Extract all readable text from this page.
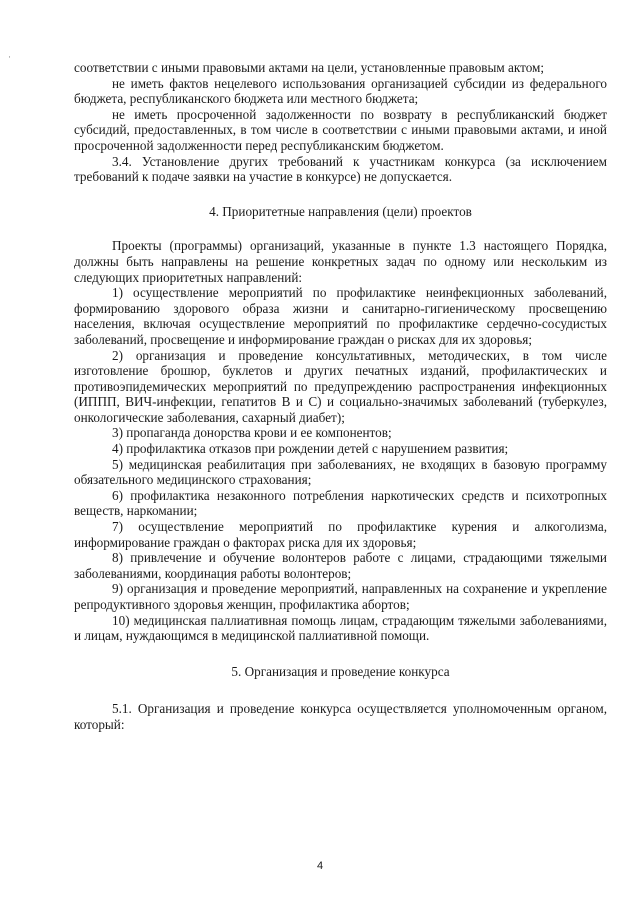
·

соответствии с иными правовыми актами на цели, установленные правовым актом;

не иметь фактов нецелевого использования организацией субсидии из федерального бюджета, республиканского бюджета или местного бюджета;

не иметь просроченной задолженности по возврату в республиканский бюджет субсидий, предоставленных, в том числе в соответствии с иными правовыми актами, и иной просроченной задолженности перед республиканским бюджетом.

3.4. Установление других требований к участникам конкурса (за исключением требований к подаче заявки на участие в конкурсе) не допускается.

4. Приоритетные направления (цели) проектов

Проекты (программы) организаций, указанные в пункте 1.3 настоящего Порядка, должны быть направлены на решение конкретных задач по одному или нескольким из следующих приоритетных направлений:

1) осуществление мероприятий по профилактике неинфекционных заболеваний, формированию здорового образа жизни и санитарно-гигиеническому просвещению населения, включая осуществление мероприятий по профилактике сердечно-сосудистых заболеваний, просвещение и информирование граждан о рисках для их здоровья;

2) организация и проведение консультативных, методических, в том числе изготовление брошюр, буклетов и других печатных изданий, профилактических и противоэпидемических мероприятий по предупреждению распространения инфекционных (ИППП, ВИЧ-инфекции, гепатитов В и С) и социально-значимых заболеваний (туберкулез, онкологические заболевания, сахарный диабет);

3) пропаганда донорства крови и ее компонентов;

4) профилактика отказов при рождении детей с нарушением развития;

5) медицинская реабилитация при заболеваниях, не входящих в базовую программу обязательного медицинского страхования;

6) профилактика незаконного потребления наркотических средств и психотропных веществ, наркомании;

7) осуществление мероприятий по профилактике курения и алкоголизма, информирование граждан о факторах риска для их здоровья;

8) привлечение и обучение волонтеров работе с лицами, страдающими тяжелыми заболеваниями, координация работы волонтеров;

9) организация и проведение мероприятий, направленных на сохранение и укрепление репродуктивного здоровья женщин, профилактика абортов;

10) медицинская паллиативная помощь лицам, страдающим тяжелыми заболеваниями, и лицам, нуждающимся в медицинской паллиативной помощи.

5. Организация и проведение конкурса

5.1. Организация и проведение конкурса осуществляется уполномоченным органом, который:

4
